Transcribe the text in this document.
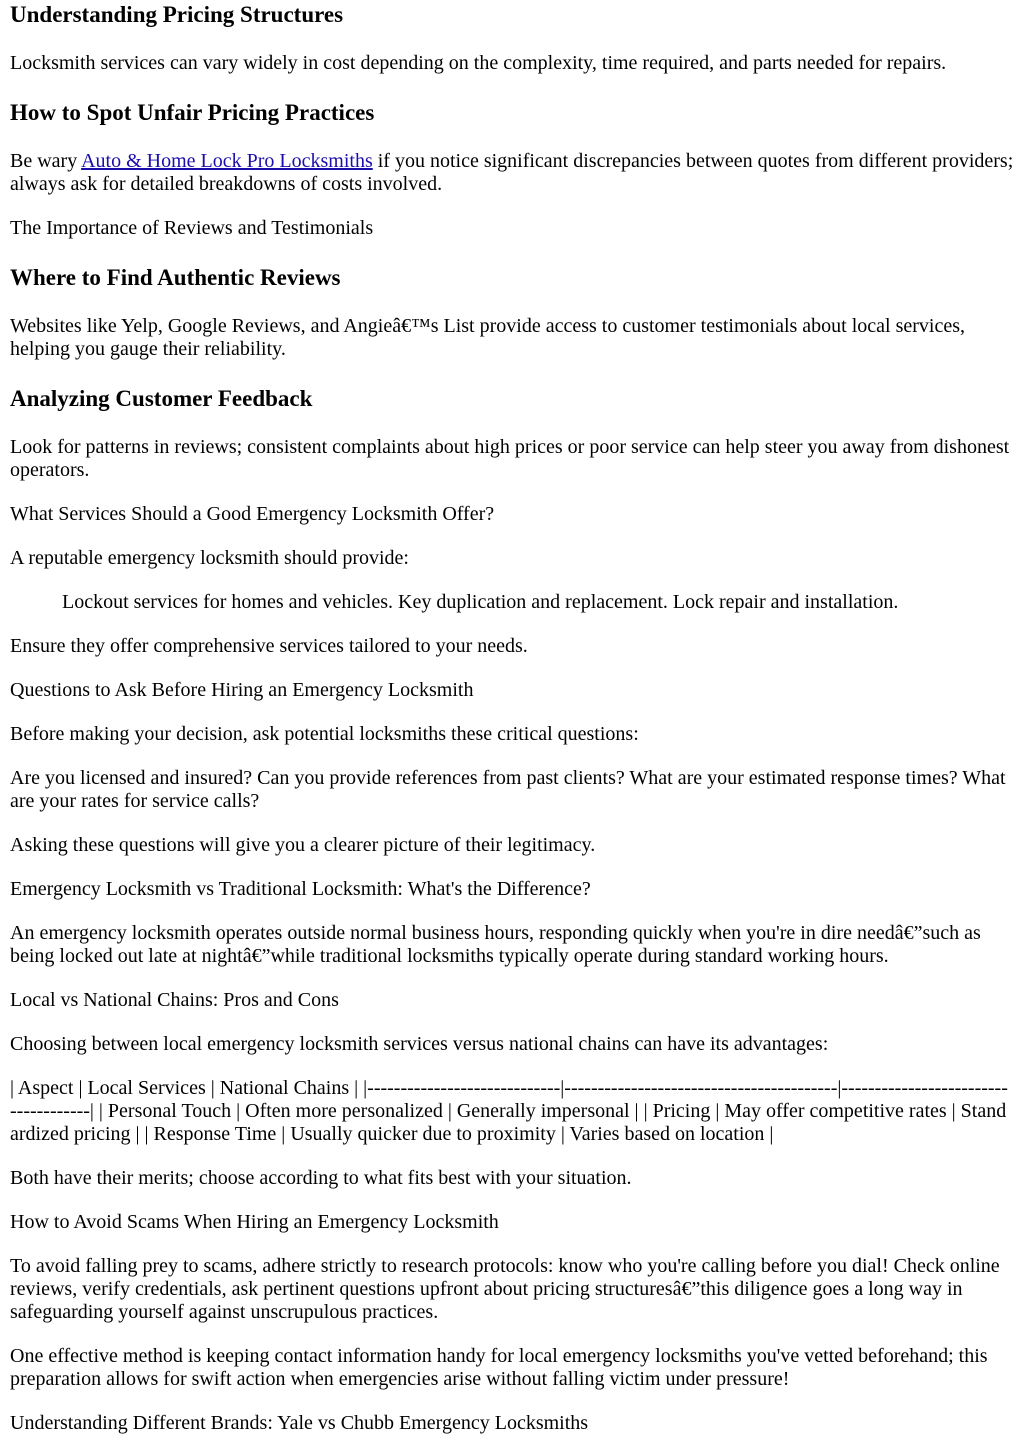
Understanding Pricing Structures

Locksmith services can vary widely in cost depending on the complexity, time required, and parts needed for repairs.

How to Spot Unfair Pricing Practices

Be wary Auto & Home Lock Pro Locksmiths if you notice significant discrepancies between quotes from different providers; always ask for detailed breakdowns of costs involved.

The Importance of Reviews and Testimonials

Where to Find Authentic Reviews

Websites like Yelp, Google Reviews, and Angieâ€™s List provide access to customer testimonials about local services, helping you gauge their reliability.

Analyzing Customer Feedback

Look for patterns in reviews; consistent complaints about high prices or poor service can help steer you away from dishonest operators.

What Services Should a Good Emergency Locksmith Offer?

A reputable emergency locksmith should provide:

Lockout services for homes and vehicles. Key duplication and replacement. Lock repair and installation.

Ensure they offer comprehensive services tailored to your needs.

Questions to Ask Before Hiring an Emergency Locksmith

Before making your decision, ask potential locksmiths these critical questions:

Are you licensed and insured? Can you provide references from past clients? What are your estimated response times? What are your rates for service calls?

Asking these questions will give you a clearer picture of their legitimacy.

Emergency Locksmith vs Traditional Locksmith: What's the Difference?

An emergency locksmith operates outside normal business hours, responding quickly when you're in dire needâ€”such as being locked out late at nightâ€”while traditional locksmiths typically operate during standard working hours.

Local vs National Chains: Pros and Cons

Choosing between local emergency locksmith services versus national chains can have its advantages:

| Aspect | Local Services | National Chains | |-----------------------------|-----------------------------------------|-------------------------------------| | Personal Touch | Often more personalized | Generally impersonal | | Pricing | May offer competitive rates | Standardized pricing | | Response Time | Usually quicker due to proximity | Varies based on location |

Both have their merits; choose according to what fits best with your situation.

How to Avoid Scams When Hiring an Emergency Locksmith

To avoid falling prey to scams, adhere strictly to research protocols: know who you're calling before you dial! Check online reviews, verify credentials, ask pertinent questions upfront about pricing structuresâ€”this diligence goes a long way in safeguarding yourself against unscrupulous practices.

One effective method is keeping contact information handy for local emergency locksmiths you've vetted beforehand; this preparation allows for swift action when emergencies arise without falling victim under pressure!

Understanding Different Brands: Yale vs Chubb Emergency Locksmiths
